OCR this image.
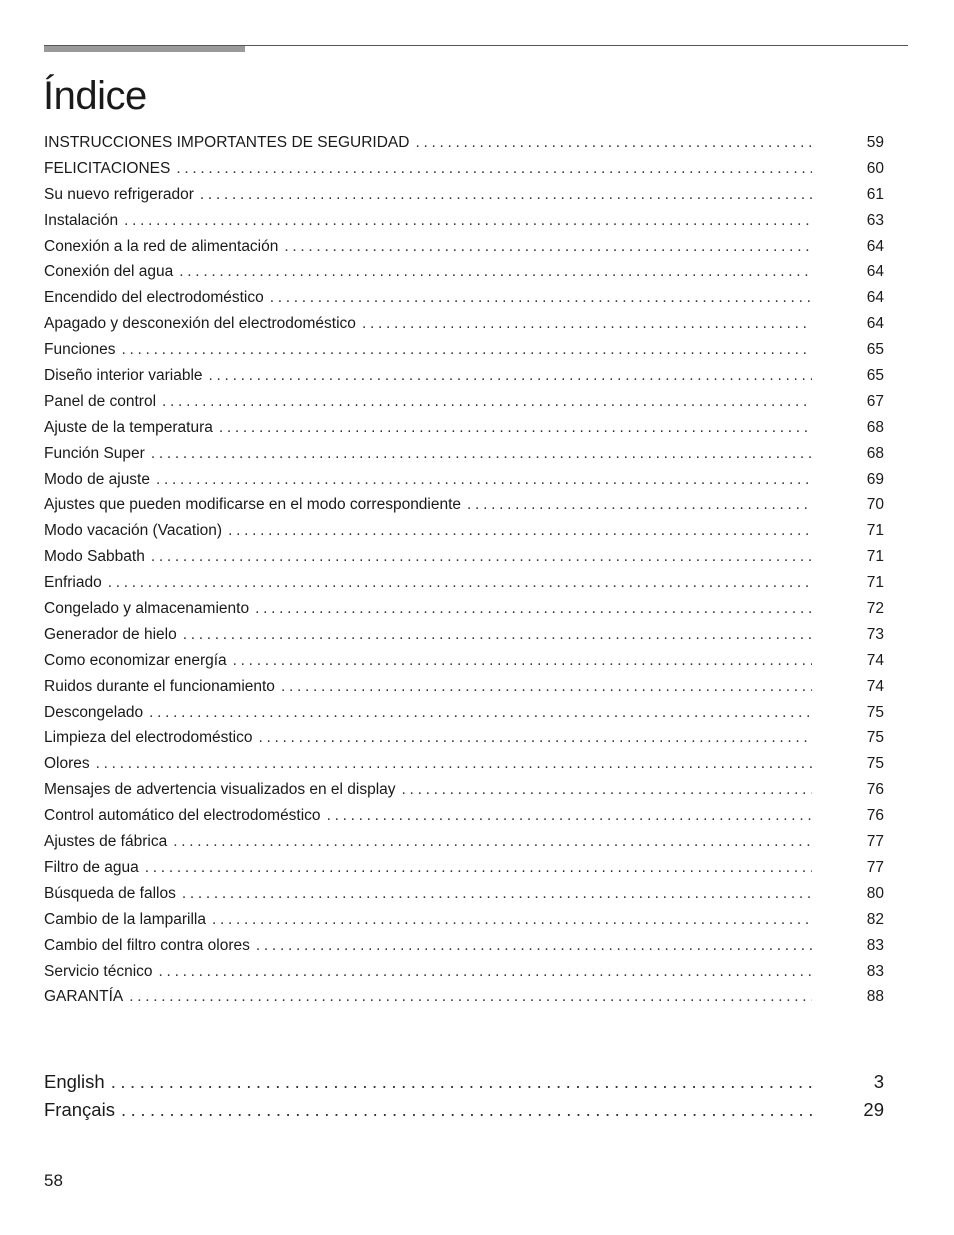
Índice
INSTRUCCIONES IMPORTANTES DE SEGURIDAD . . .	59
FELICITACIONES . . .	60
Su nuevo refrigerador . . .	61
Instalación . . .	63
Conexión a la red de alimentación . . .	64
Conexión del agua . . .	64
Encendido del electrodoméstico . . .	64
Apagado y desconexión del electrodoméstico . . .	64
Funciones . . .	65
Diseño interior variable . . .	65
Panel de control . . .	67
Ajuste de la temperatura . . .	68
Función Super . . .	68
Modo de ajuste . . .	69
Ajustes que pueden modificarse en el modo correspondiente . . .	70
Modo vacación (Vacation) . . .	71
Modo Sabbath . . .	71
Enfriado . . .	71
Congelado y almacenamiento . . .	72
Generador de hielo . . .	73
Como economizar energía . . .	74
Ruidos durante el funcionamiento . . .	74
Descongelado . . .	75
Limpieza del electrodoméstico . . .	75
Olores . . .	75
Mensajes de advertencia visualizados en el display . . .	76
Control automático del electrodoméstico . . .	76
Ajustes de fábrica . . .	77
Filtro de agua . . .	77
Búsqueda de fallos . . .	80
Cambio de la lamparilla . . .	82
Cambio del filtro contra olores . . .	83
Servicio técnico . . .	83
GARANTÍA . . .	88
English . . .	3
Français . . .	29
58
